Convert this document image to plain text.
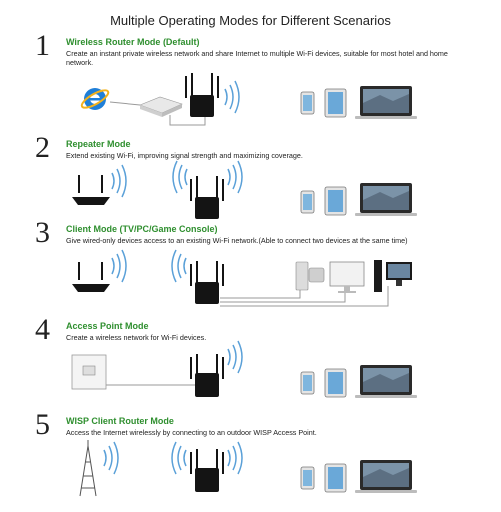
Multiple Operating Modes for Different Scenarios
1 Wireless Router Mode (Default)
Create an instant private wireless network and share Internet to multiple Wi-Fi devices, suitable for most hotel and home network.
2 Repeater Mode
Extend existing Wi-Fi, improving signal strength and maximizing coverage.
3 Client Mode (TV/PC/Game Console)
Give wired-only devices access to an existing Wi-Fi network.(Able to connect two devices at the same time)
4 Access Point Mode
Create a wireless network for Wi-Fi devices.
5 WISP Client Router Mode
Access the Internet wirelessly by connecting to an outdoor WISP Access Point.
